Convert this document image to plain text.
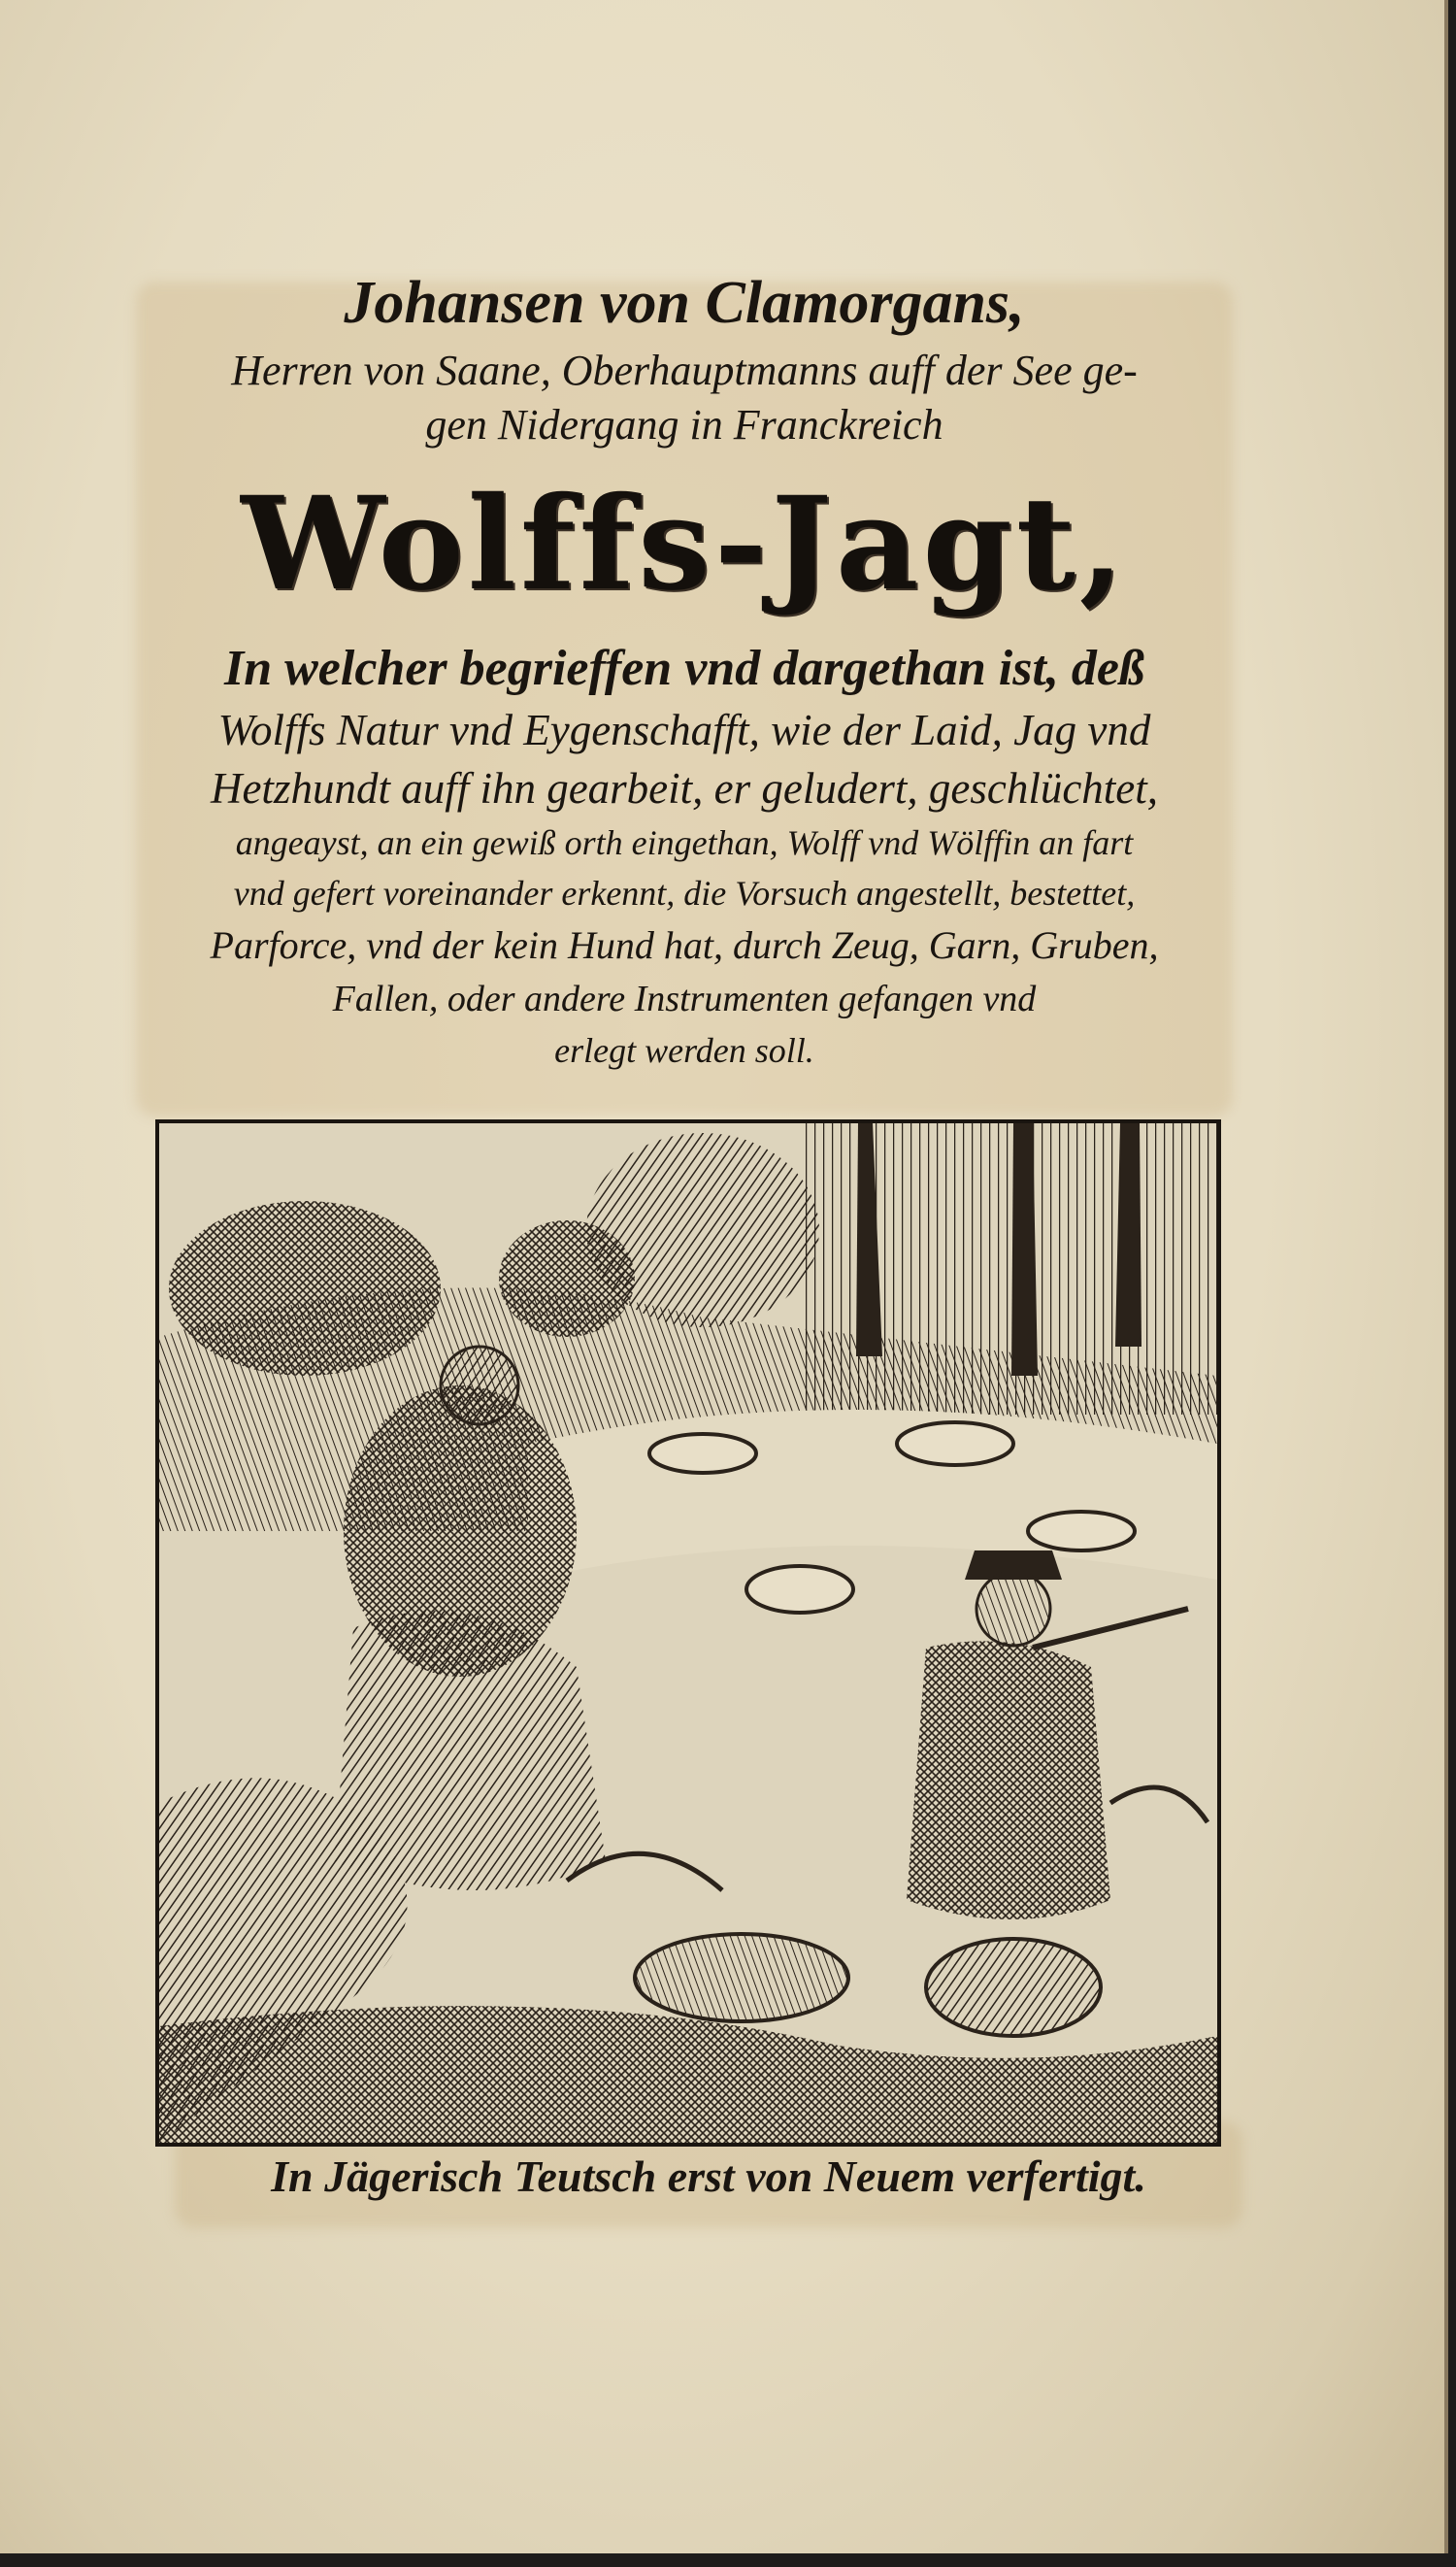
Johansen von Clamorgans,
Herren von Saane, Oberhauptmanns auff der See ge-
gen Nidergang in Franckreich
Wolffs-Jagt,
In welcher begrieffen vnd dargethan ist, deß
Wolffs Natur vnd Eygenschafft, wie der Laid, Jag vnd
Hetzhundt auff ihn gearbeit, er geludert, geschlüchtet,
angeayst, an ein gewiß orth eingethan, Wolff vnd Wölffin an fart
vnd gefert voreinander erkennt, die Vorsuch angestellt, bestettet,
Parforce, vnd der kein Hund hat, durch Zeug, Garn, Gruben,
Fallen, oder andere Instrumenten gefangen vnd
erlegt werden soll.
In Jägerisch Teutsch erst von Neuem verfertigt.
